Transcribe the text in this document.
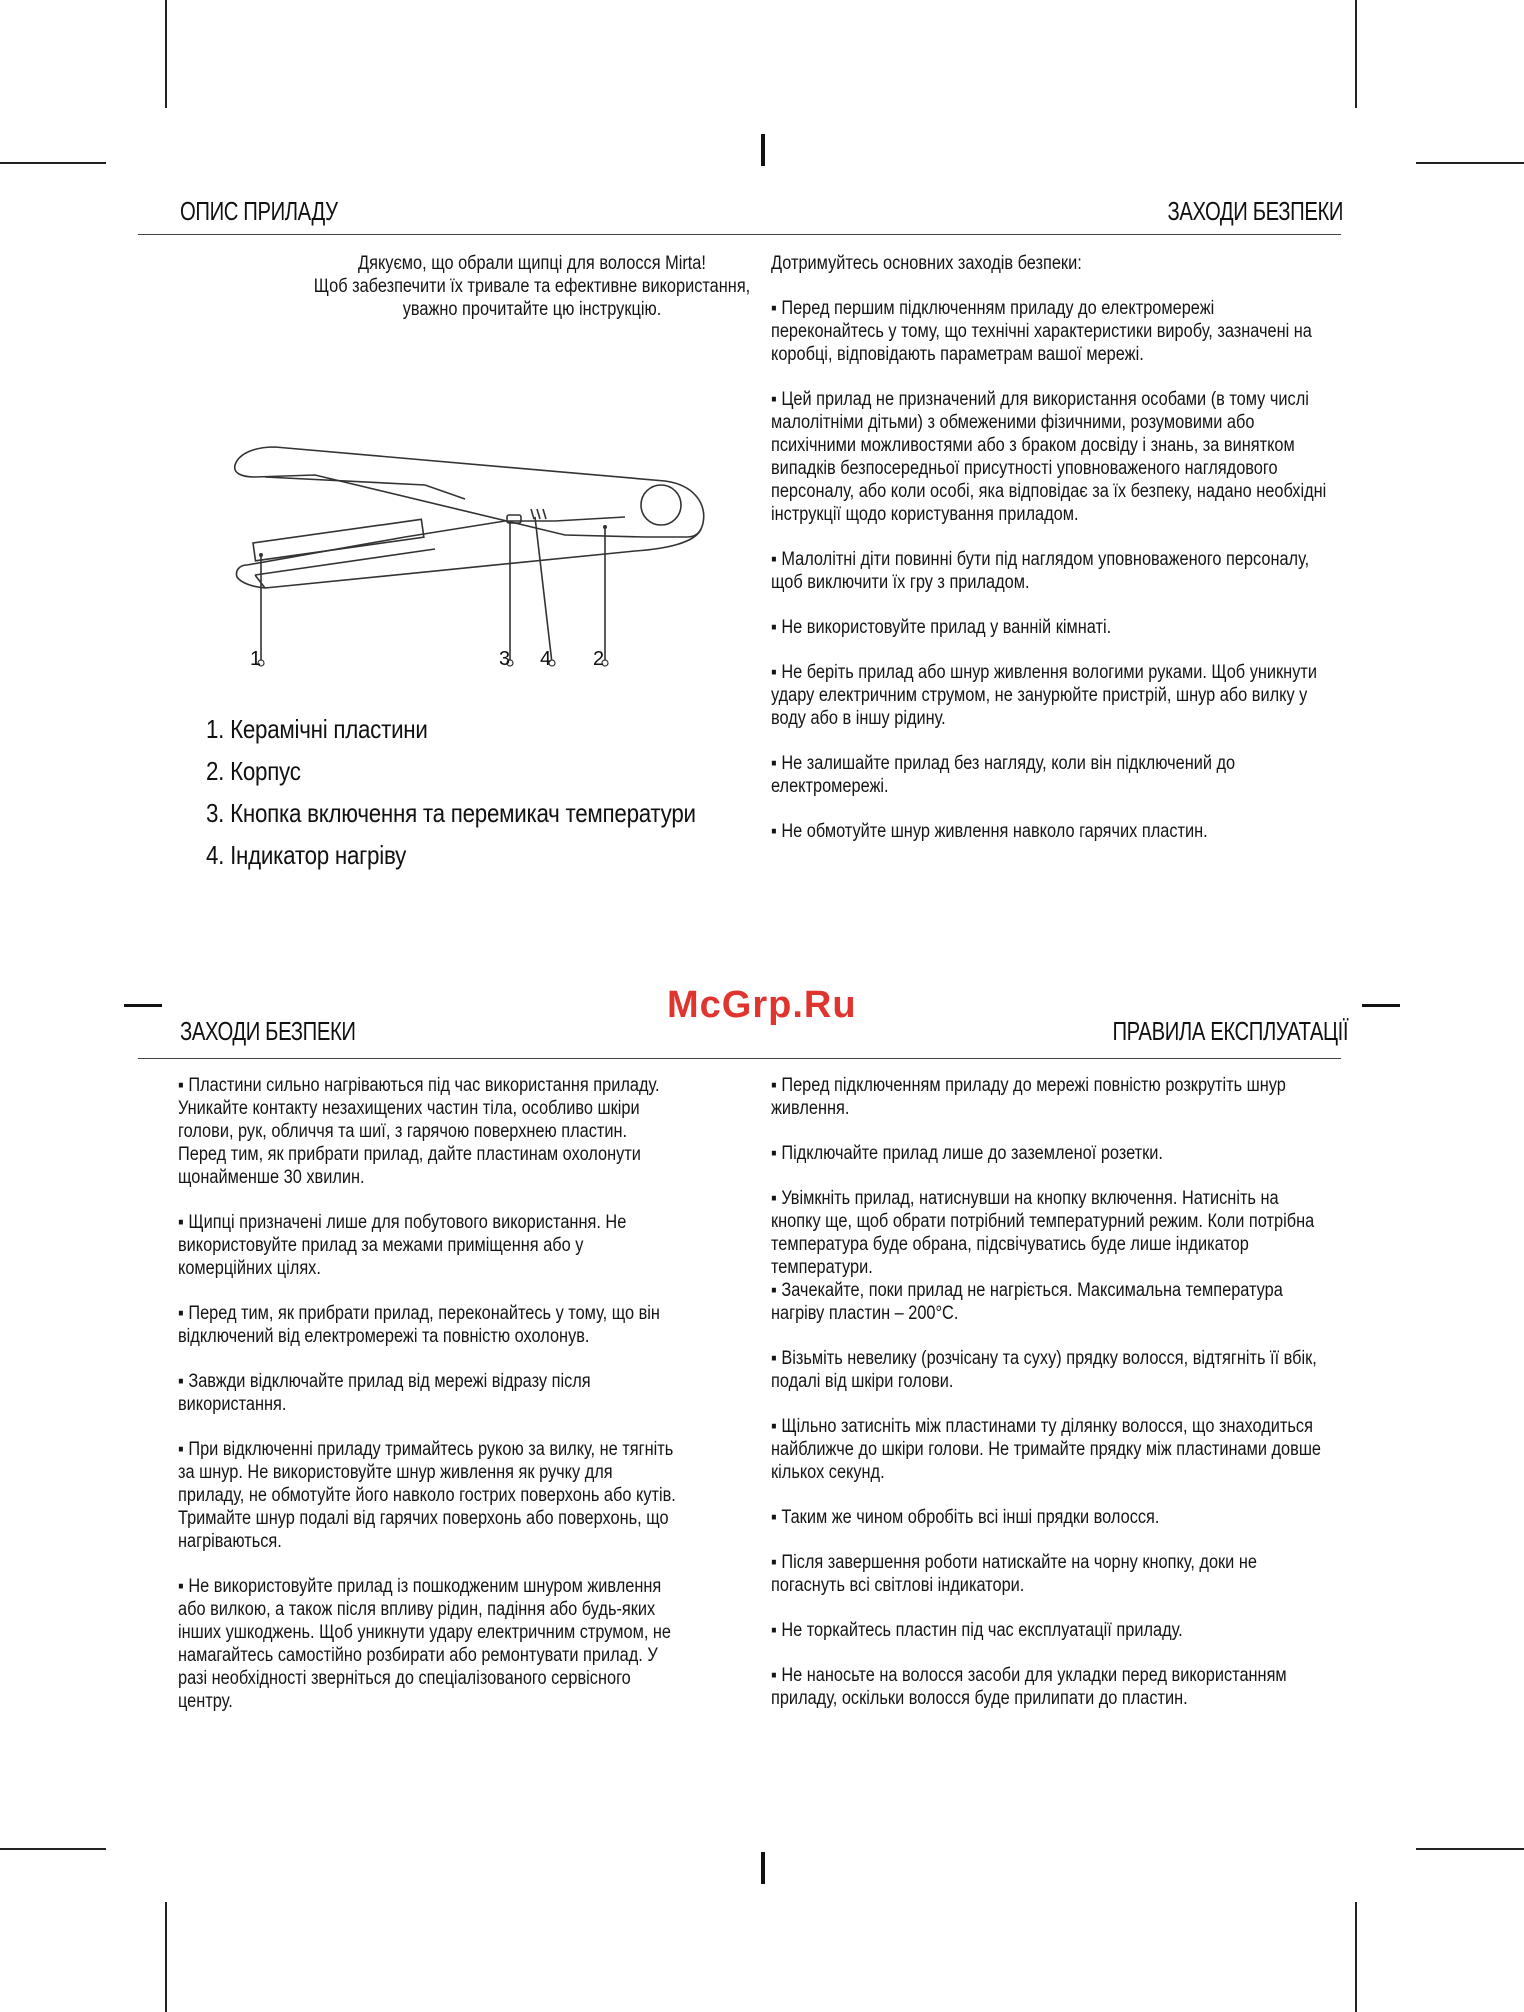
ОПИС ПРИЛАДУ	ЗАХОДИ БЕЗПЕКИ
Дякуємо, що обрали щипці для волосся Mirta!
Щоб забезпечити їх тривале та ефективне використання,
уважно прочитайте цю інструкцію.
1	3 4 2
1. Керамічні пластини
2. Корпус
3. Кнопка включення та перемикач температури
4. Індикатор нагріву

Дотримуйтесь основних заходів безпеки:

▪ Перед першим підключенням приладу до електромережі переконайтесь у тому, що технічні характеристики виробу, зазначені на коробці, відповідають параметрам вашої мережі.

▪ Цей прилад не призначений для використання особами (в тому числі малолітніми дітьми) з обмеженими фізичними, розумовими або психічними можливостями або з браком досвіду і знань, за винятком випадків безпосередньої присутності уповноваженого наглядового персоналу, або коли особі, яка відповідає за їх безпеку, надано необхідні інструкції щодо користування приладом.

▪ Малолітні діти повинні бути під наглядом уповноваженого персоналу, щоб виключити їх гру з приладом.

▪ Не використовуйте прилад у ванній кімнаті.

▪ Не беріть прилад або шнур живлення вологими руками. Щоб уникнути удару електричним струмом, не занурюйте пристрій, шнур або вилку у воду або в іншу рідину.

▪ Не залишайте прилад без нагляду, коли він підключений до електромережі.

▪ Не обмотуйте шнур живлення навколо гарячих пластин.

McGrp.Ru
ЗАХОДИ БЕЗПЕКИ	ПРАВИЛА ЕКСПЛУАТАЦІЇ

▪ Пластини сильно нагріваються під час використання приладу. Уникайте контакту незахищених частин тіла, особливо шкіри голови, рук, обличчя та шиї, з гарячою поверхнею пластин. Перед тим, як прибрати прилад, дайте пластинам охолонути щонайменше 30 хвилин.

▪ Щипці призначені лише для побутового використання. Не використовуйте прилад за межами приміщення або у комерційних цілях.

▪ Перед тим, як прибрати прилад, переконайтесь у тому, що він відключений від електромережі та повністю охолонув.

▪ Завжди відключайте прилад від мережі відразу після використання.

▪ При відключенні приладу тримайтесь рукою за вилку, не тягніть за шнур. Не використовуйте шнур живлення як ручку для приладу, не обмотуйте його навколо гострих поверхонь або кутів. Тримайте шнур подалі від гарячих поверхонь або поверхонь, що нагріваються.

▪ Не використовуйте прилад із пошкодженим шнуром живлення або вилкою, а також після впливу рідин, падіння або будь-яких інших ушкоджень. Щоб уникнути удару електричним струмом, не намагайтесь самостійно розбирати або ремонтувати прилад. У разі необхідності зверніться до спеціалізованого сервісного центру.

▪ Перед підключенням приладу до мережі повністю розкрутіть шнур живлення.

▪ Підключайте прилад лише до заземленої розетки.

▪ Увімкніть прилад, натиснувши на кнопку включення. Натисніть на кнопку ще, щоб обрати потрібний температурний режим. Коли потрібна температура буде обрана, підсвічуватись буде лише індикатор температури.

▪ Зачекайте, поки прилад не нагріється. Максимальна температура нагріву пластин – 200°C.

▪ Візьміть невелику (розчісану та суху) прядку волосся, відтягніть її вбік, подалі від шкіри голови.

▪ Щільно затисніть між пластинами ту ділянку волосся, що знаходиться найближче до шкіри голови. Не тримайте прядку між пластинами довше кількох секунд.

▪ Таким же чином обробіть всі інші прядки волосся.

▪ Після завершення роботи натискайте на чорну кнопку, доки не погаснуть всі світлові індикатори.

▪ Не торкайтесь пластин під час експлуатації приладу.

▪ Не наносьте на волосся засоби для укладки перед використанням приладу, оскільки волосся буде прилипати до пластин.
